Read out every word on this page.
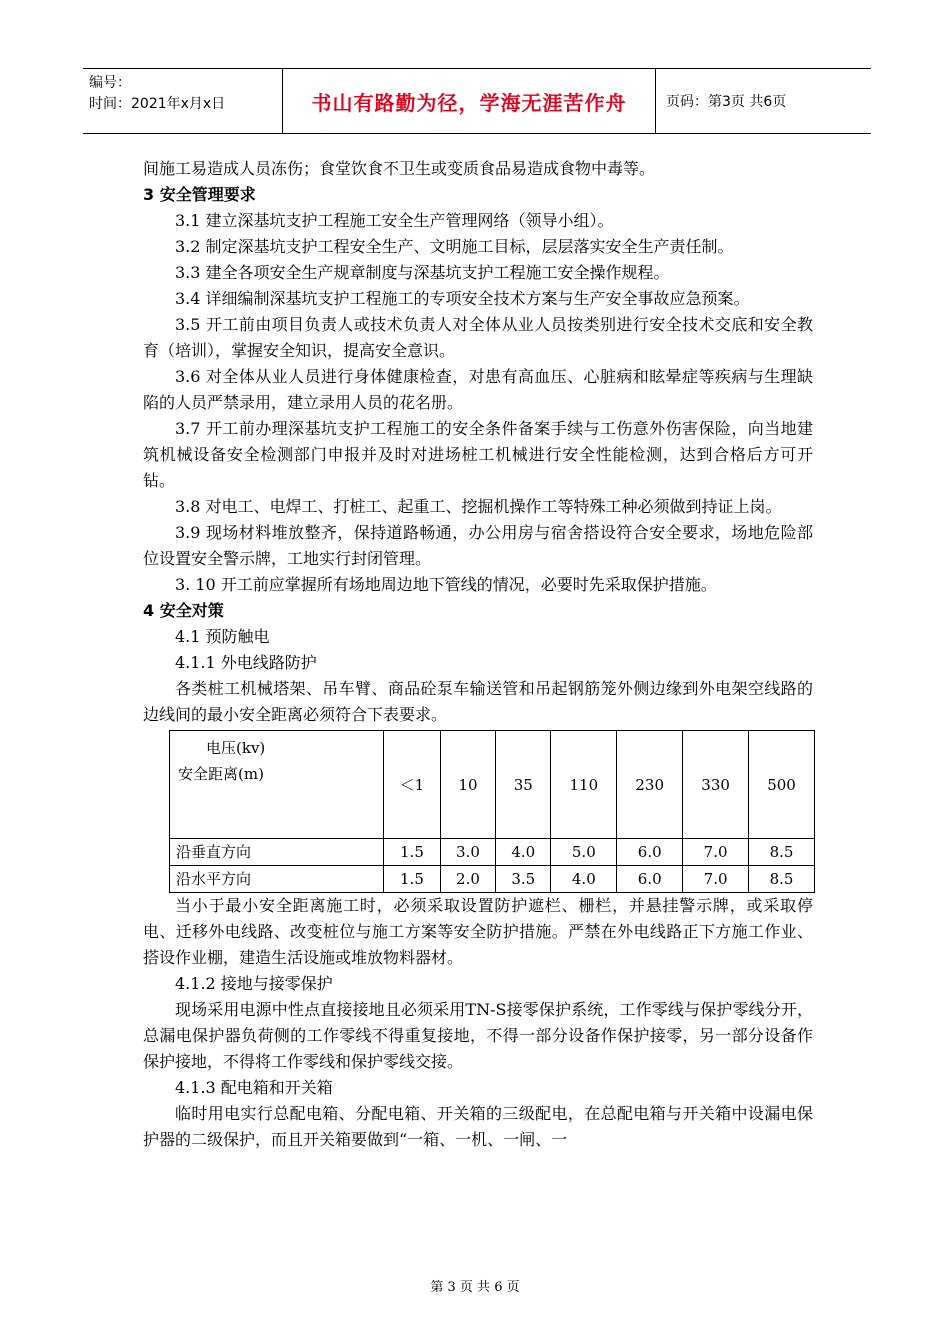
编号：
时间：2021年x月x日	书山有路勤为径，学海无涯苦作舟	页码：第3页 共6页

间施工易造成人员冻伤；食堂饮食不卫生或变质食品易造成食物中毒等。

3 安全管理要求

3.1 建立深基坑支护工程施工安全生产管理网络（领导小组）。

3.2 制定深基坑支护工程安全生产、文明施工目标，层层落实安全生产责任制。

3.3 建全各项安全生产规章制度与深基坑支护工程施工安全操作规程。

3.4 详细编制深基坑支护工程施工的专项安全技术方案与生产安全事故应急预案。

3.5 开工前由项目负责人或技术负责人对全体从业人员按类别进行安全技术交底和安全教育（培训），掌握安全知识，提高安全意识。

3.6 对全体从业人员进行身体健康检查，对患有高血压、心脏病和眩晕症等疾病与生理缺陷的人员严禁录用，建立录用人员的花名册。

3.7 开工前办理深基坑支护工程施工的安全条件备案手续与工伤意外伤害保险，向当地建筑机械设备安全检测部门申报并及时对进场桩工机械进行安全性能检测，达到合格后方可开钻。

3.8 对电工、电焊工、打桩工、起重工、挖掘机操作工等特殊工种必须做到持证上岗。

3.9 现场材料堆放整齐，保持道路畅通，办公用房与宿舍搭设符合安全要求，场地危险部位设置安全警示牌，工地实行封闭管理。

3. 10 开工前应掌握所有场地周边地下管线的情况，必要时先采取保护措施。

4 安全对策

4.1 预防触电

4.1.1 外电线路防护

各类桩工机械塔架、吊车臂、商品砼泵车输送管和吊起钢筋笼外侧边缘到外电架空线路的边线间的最小安全距离必须符合下表要求。

电压(kv)
安全距离(m)	＜1	10	35	110	230	330	500
沿垂直方向	1.5	3.0	4.0	5.0	6.0	7.0	8.5
沿水平方向	1.5	2.0	3.5	4.0	6.0	7.0	8.5

当小于最小安全距离施工时，必须采取设置防护遮栏、栅栏，并悬挂警示牌，或采取停电、迁移外电线路、改变桩位与施工方案等安全防护措施。严禁在外电线路正下方施工作业、搭设作业棚，建造生活设施或堆放物料器材。

4.1.2 接地与接零保护

现场采用电源中性点直接接地且必须采用TN-S接零保护系统，工作零线与保护零线分开，总漏电保护器负荷侧的工作零线不得重复接地，不得一部分设备作保护接零，另一部分设备作保护接地，不得将工作零线和保护零线交接。

4.1.3 配电箱和开关箱

临时用电实行总配电箱、分配电箱、开关箱的三级配电，在总配电箱与开关箱中设漏电保护器的二级保护，而且开关箱要做到“一箱、一机、一闸、一

第 3 页 共 6 页
